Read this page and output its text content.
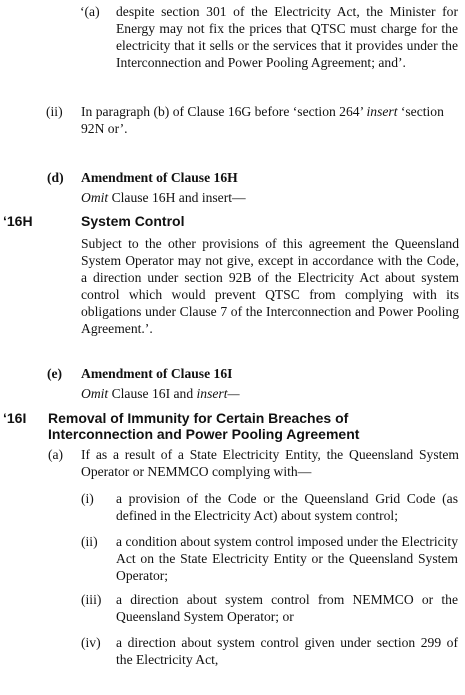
‘(a) despite section 301 of the Electricity Act, the Minister for Energy may not fix the prices that QTSC must charge for the electricity that it sells or the services that it provides under the Interconnection and Power Pooling Agreement; and’.
(ii) In paragraph (b) of Clause 16G before ‘section 264’ insert ‘section 92N or’.
(d) Amendment of Clause 16H
Omit Clause 16H and insert—
‘16H	System Control
Subject to the other provisions of this agreement the Queensland System Operator may not give, except in accordance with the Code, a direction under section 92B of the Electricity Act about system control which would prevent QTSC from complying with its obligations under Clause 7 of the Interconnection and Power Pooling Agreement.’.
(e) Amendment of Clause 16I
Omit Clause 16I and insert—
‘16I Removal of Immunity for Certain Breaches of
Interconnection and Power Pooling Agreement
(a) If as a result of a State Electricity Entity, the Queensland System Operator or NEMMCO complying with—
(i) a provision of the Code or the Queensland Grid Code (as defined in the Electricity Act) about system control;
(ii) a condition about system control imposed under the Electricity Act on the State Electricity Entity or the Queensland System Operator;
(iii) a direction about system control from NEMMCO or the Queensland System Operator; or
(iv) a direction about system control given under section 299 of the Electricity Act,
